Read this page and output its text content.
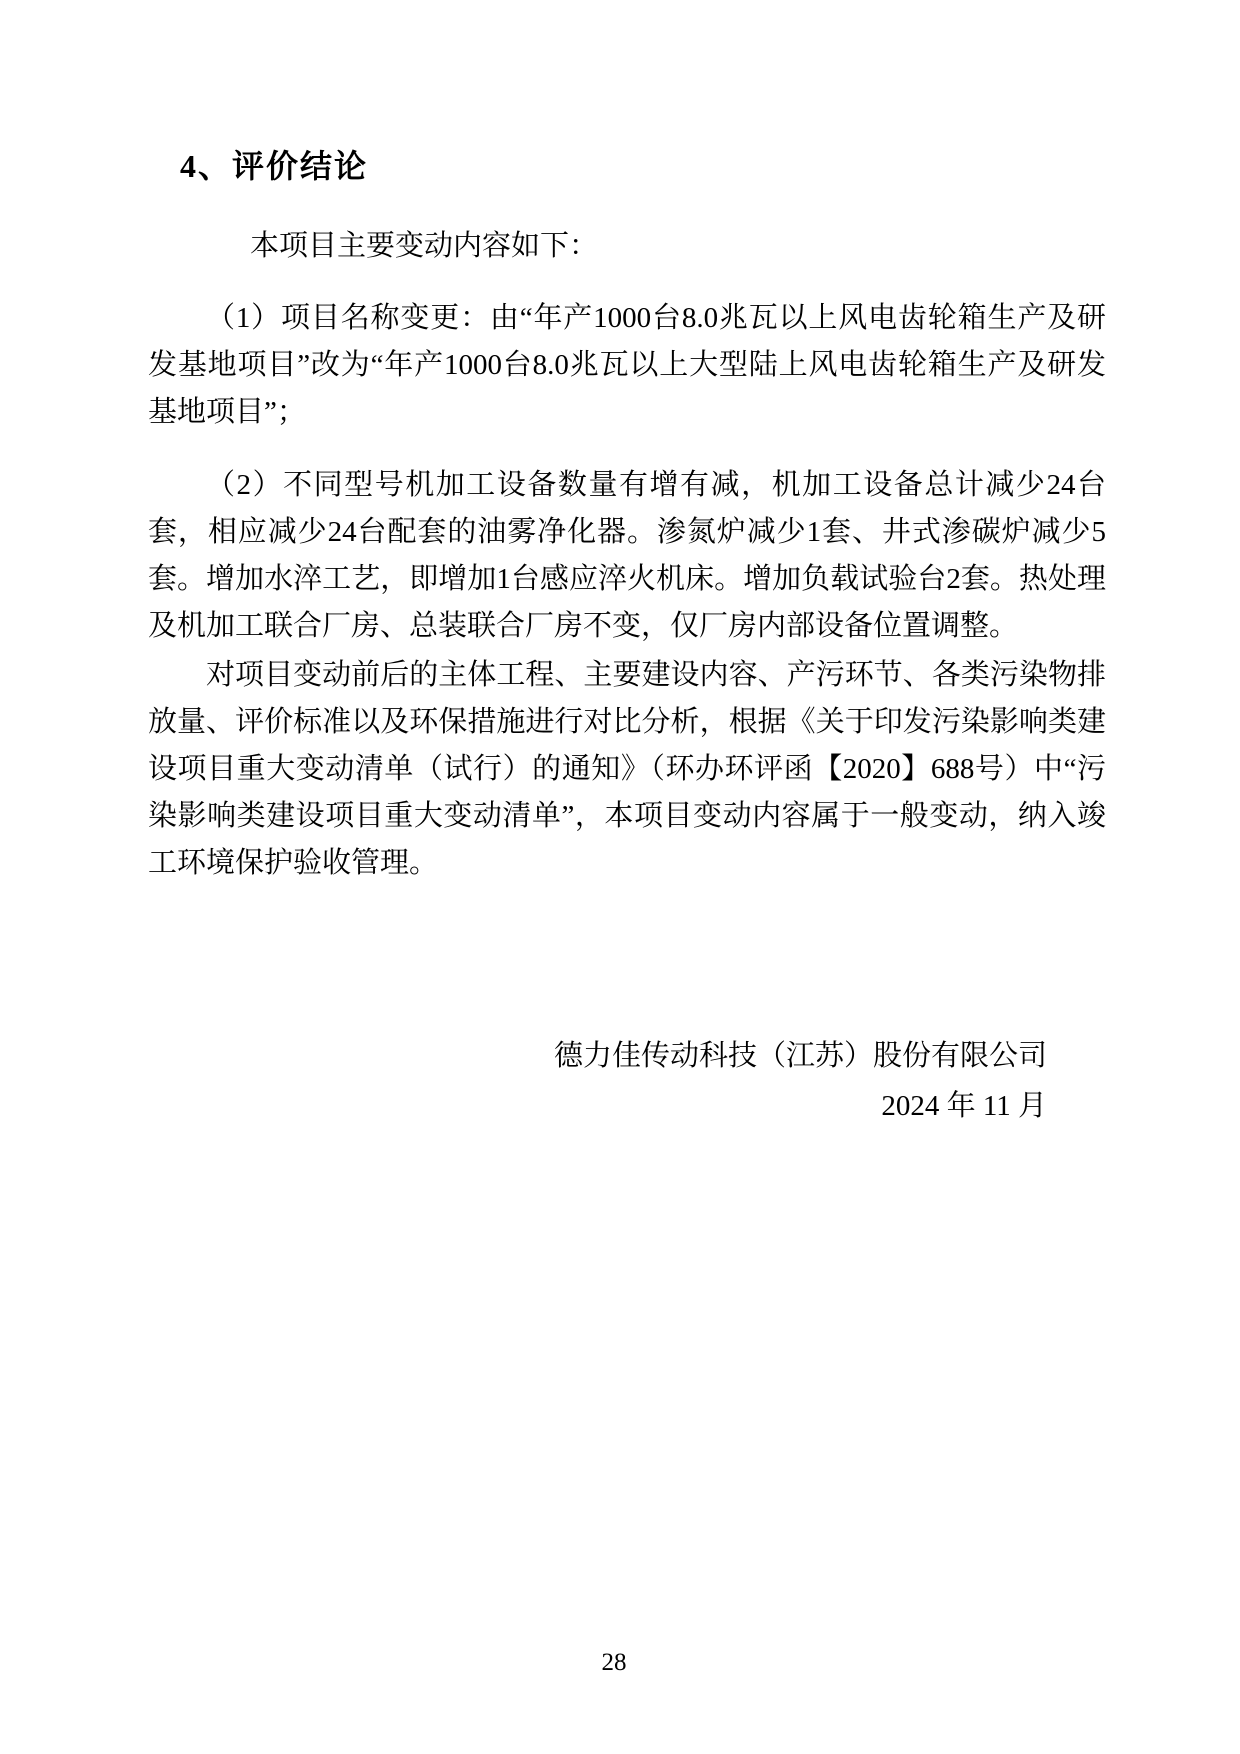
4、评价结论

本项目主要变动内容如下：

（1）项目名称变更：由“年产1000台8.0兆瓦以上风电齿轮箱生产及研发基地项目”改为“年产1000台8.0兆瓦以上大型陆上风电齿轮箱生产及研发基地项目”；

（2）不同型号机加工设备数量有增有减，机加工设备总计减少24台套，相应减少24台配套的油雾净化器。渗氮炉减少1套、井式渗碳炉减少5套。增加水淬工艺，即增加1台感应淬火机床。增加负载试验台2套。热处理及机加工联合厂房、总装联合厂房不变，仅厂房内部设备位置调整。

对项目变动前后的主体工程、主要建设内容、产污环节、各类污染物排放量、评价标准以及环保措施进行对比分析，根据《关于印发污染影响类建设项目重大变动清单（试行）的通知》（环办环评函【2020】688号）中“污染影响类建设项目重大变动清单”，本项目变动内容属于一般变动，纳入竣工环境保护验收管理。

德力佳传动科技（江苏）股份有限公司

2024 年 11 月

28
